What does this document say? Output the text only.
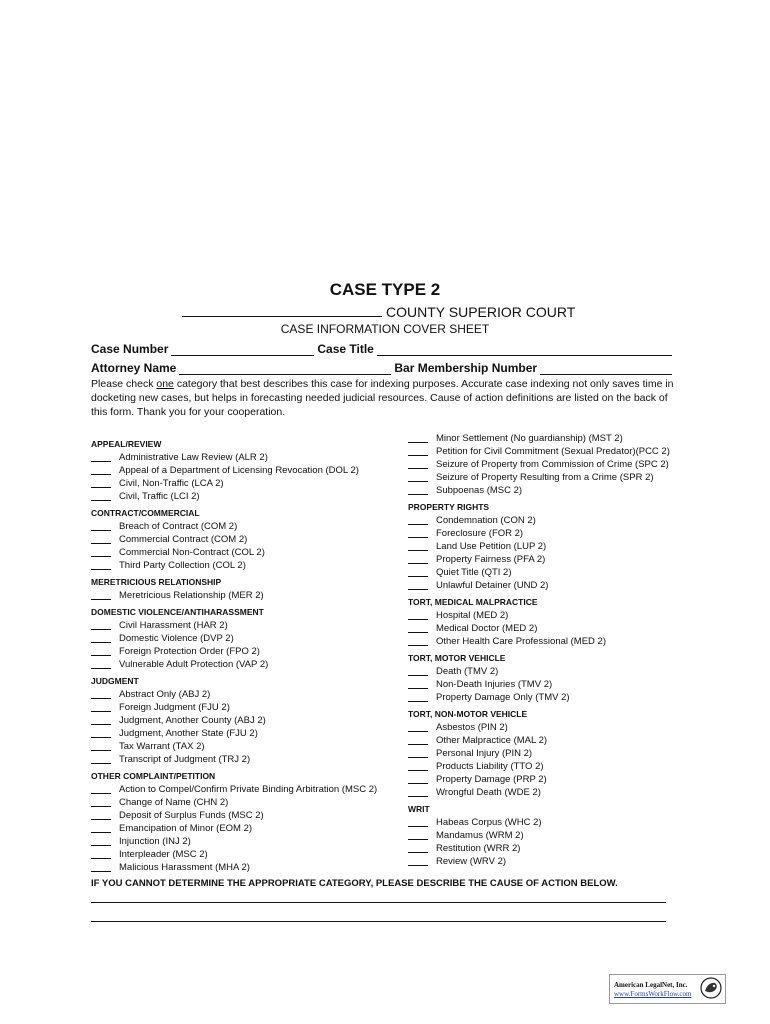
CASE TYPE 2
COUNTY SUPERIOR COURT
CASE INFORMATION COVER SHEET
Case Number	Case Title
Attorney Name	Bar Membership Number
Please check one category that best describes this case for indexing purposes. Accurate case indexing not only saves time in docketing new cases, but helps in forecasting needed judicial resources. Cause of action definitions are listed on the back of this form. Thank you for your cooperation.
APPEAL/REVIEW
Administrative Law Review (ALR 2)
Appeal of a Department of Licensing Revocation (DOL 2)
Civil, Non-Traffic (LCA 2)
Civil, Traffic (LCI 2)
CONTRACT/COMMERCIAL
Breach of Contract (COM 2)
Commercial Contract (COM 2)
Commercial Non-Contract (COL 2)
Third Party Collection (COL 2)
MERETRICIOUS RELATIONSHIP
Meretricious Relationship (MER 2)
DOMESTIC VIOLENCE/ANTIHARASSMENT
Civil Harassment (HAR 2)
Domestic Violence (DVP 2)
Foreign Protection Order (FPO 2)
Vulnerable Adult Protection (VAP 2)
JUDGMENT
Abstract Only (ABJ 2)
Foreign Judgment (FJU 2)
Judgment, Another County (ABJ 2)
Judgment, Another State (FJU 2)
Tax Warrant (TAX 2)
Transcript of Judgment (TRJ 2)
OTHER COMPLAINT/PETITION
Action to Compel/Confirm Private Binding Arbitration (MSC 2)
Change of Name (CHN 2)
Deposit of Surplus Funds (MSC 2)
Emancipation of Minor (EOM 2)
Injunction (INJ 2)
Interpleader (MSC 2)
Malicious Harassment (MHA 2)
Minor Settlement (No guardianship) (MST 2)
Petition for Civil Commitment (Sexual Predator)(PCC 2)
Seizure of Property from Commission of Crime (SPC 2)
Seizure of Property Resulting from a Crime (SPR 2)
Subpoenas (MSC 2)
PROPERTY RIGHTS
Condemnation (CON 2)
Foreclosure (FOR 2)
Land Use Petition (LUP 2)
Property Fairness (PFA 2)
Quiet Title (QTI 2)
Unlawful Detainer (UND 2)
TORT, MEDICAL MALPRACTICE
Hospital (MED 2)
Medical Doctor (MED 2)
Other Health Care Professional (MED 2)
TORT, MOTOR VEHICLE
Death (TMV 2)
Non-Death Injuries (TMV 2)
Property Damage Only (TMV 2)
TORT, NON-MOTOR VEHICLE
Asbestos (PIN 2)
Other Malpractice (MAL 2)
Personal Injury (PIN 2)
Products Liability (TTO 2)
Property Damage (PRP 2)
Wrongful Death (WDE 2)
WRIT
Habeas Corpus (WHC 2)
Mandamus (WRM 2)
Restitution (WRR 2)
Review (WRV 2)
IF YOU CANNOT DETERMINE THE APPROPRIATE CATEGORY, PLEASE DESCRIBE THE CAUSE OF ACTION BELOW.
American LegalNet, Inc.
www.FormsWorkFlow.com
